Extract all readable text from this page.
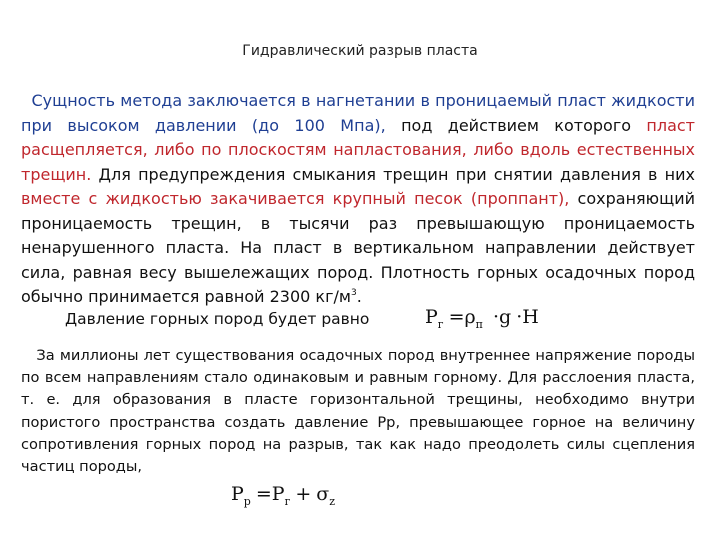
Гидравлический разрыв пласта

Сущность метода заключается в нагнетании в проницаемый пласт жидкости при высоком давлении (до 100 Мпа), под действием которого пласт расщепляется, либо по плоскостям напластования, либо вдоль естественных трещин. Для предупреждения смыкания трещин при снятии давления в них вместе с жидкостью закачивается крупный песок (проппант), сохраняющий проницаемость трещин, в тысячи раз превышающую проницаемость ненарушенного пласта. На пласт в вертикальном направлении действует сила, равная весу вышележащих пород. Плотность горных осадочных пород обычно принимается равной 2300 $кг/м^3$.

Давление горных пород будет равно	$P_г =\rho_п \cdot g \cdot H$

За миллионы лет существования осадочных пород внутреннее напряжение породы по всем направлениям стало одинаковым и равным горному. Для расслоения пласта, т. е. для образования в пласте горизонтальной трещины, необходимо внутри пористого пространства создать давление Рр, превышающее горное на величину сопротивления горных пород на разрыв, так как надо преодолеть силы сцепления частиц породы,

$P_р =P_г + \sigma_z$
